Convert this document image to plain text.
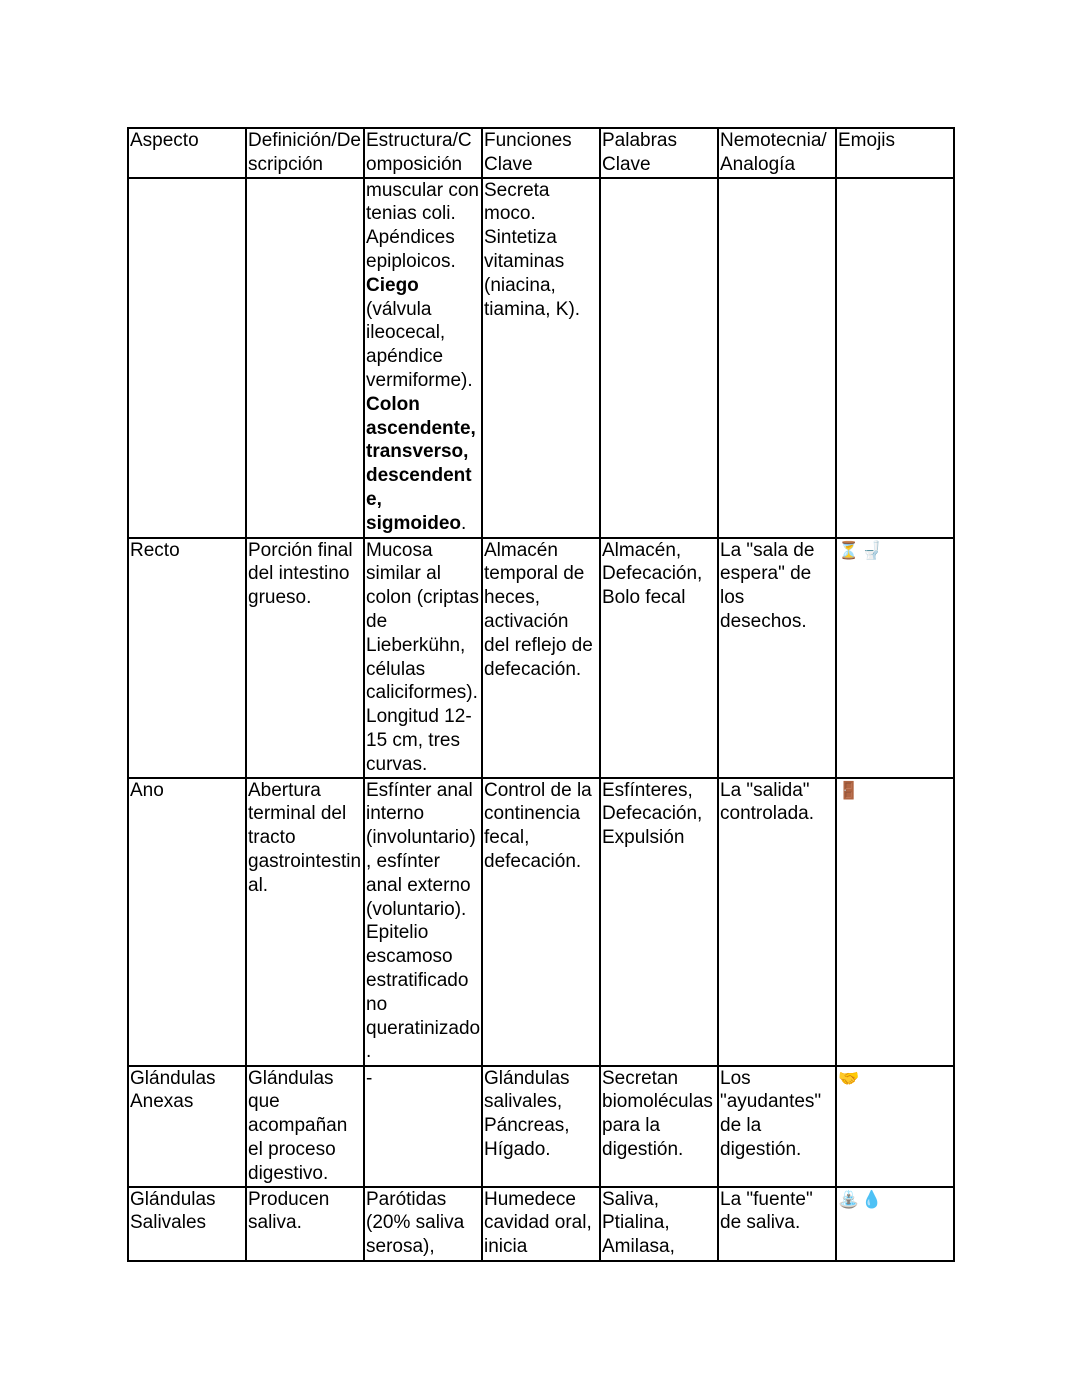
Aspecto	Definición/Descripción	Estructura/Composición	Funciones Clave	Palabras Clave	Nemotecnia/ Analogía	Emojis
		muscular con tenias coli. Apéndices epiploicos. Ciego (válvula ileocecal, apéndice vermiforme). Colon ascendente, transverso, descendente, sigmoideo.	Secreta moco. Sintetiza vitaminas (niacina, tiamina, K).			
Recto	Porción final del intestino grueso.	Mucosa similar al colon (criptas de Lieberkühn, células caliciformes). Longitud 12-15 cm, tres curvas.	Almacén temporal de heces, activación del reflejo de defecación.	Almacén, Defecación, Bolo fecal	La "sala de espera" de los desechos.	⏳🚽
Ano	Abertura terminal del tracto gastrointestinal.	Esfínter anal interno (involuntario), esfínter anal externo (voluntario). Epitelio escamoso estratificado no queratinizado.	Control de la continencia fecal, defecación.	Esfínteres, Defecación, Expulsión	La "salida" controlada.	🚪
Glándulas Anexas	Glándulas que acompañan el proceso digestivo.	-	Glándulas salivales, Páncreas, Hígado.	Secretan biomoléculas para la digestión.	Los "ayudantes" de la digestión.	🤝
Glándulas Salivales	Producen saliva.	Parótidas (20% saliva serosa),	Humedece cavidad oral, inicia	Saliva, Ptialina, Amilasa,	La "fuente" de saliva.	⛲💧
